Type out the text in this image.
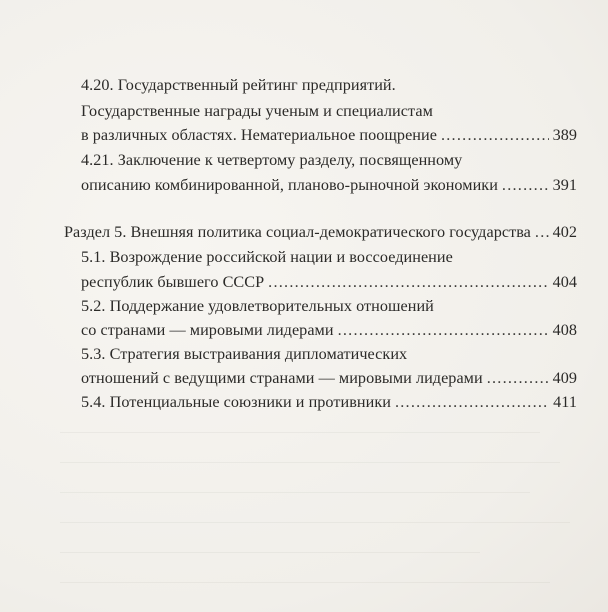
4.20. Государственный рейтинг предприятий.
Государственные награды ученым и специалистам
в различных областях. Нематериальное поощрение . . .	389
4.21. Заключение к четвертому разделу, посвященному
описанию комбинированной, планово-рыночной экономики . . .	391
Раздел 5. Внешняя политика социал-демократического государства . . . 402
5.1. Возрождение российской нации и воссоединение
республик бывшего СССР . . .	404
5.2. Поддержание удовлетворительных отношений
со странами — мировыми лидерами . . .	408
5.3. Стратегия выстраивания дипломатических
отношений с ведущими странами — мировыми лидерами . . .	409
5.4. Потенциальные союзники и противники . . .	411
